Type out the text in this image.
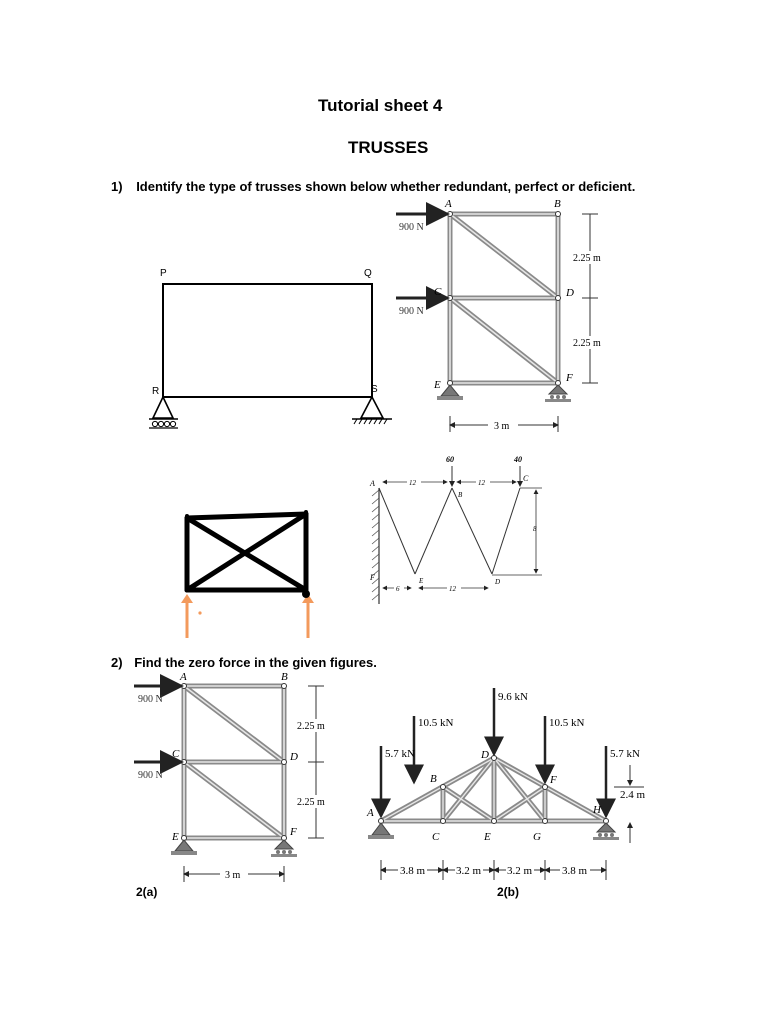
Tutorial sheet 4
TRUSSES
1) Identify the type of trusses shown below whether redundant, perfect or deficient.
2) Find the zero force in the given figures.
2(a)	2(b)
P	Q
R	S
900 N
900 N
A	B
C	D
E
F
2.25 m
2.25 m
3 m
900 N
900 N
A	B
C	D
E	F
2.25 m
2.25 m
3 m
60	40
12	12
8
6	12
A
B
C
D
E
F
9.6 kN
10.5 kN	10.5 kN
5.7 kN	5.7 kN
A
B
C
D
E
F
G
H
2.4 m
3.8 m	3.2 m 3.2 m	3.8 m
